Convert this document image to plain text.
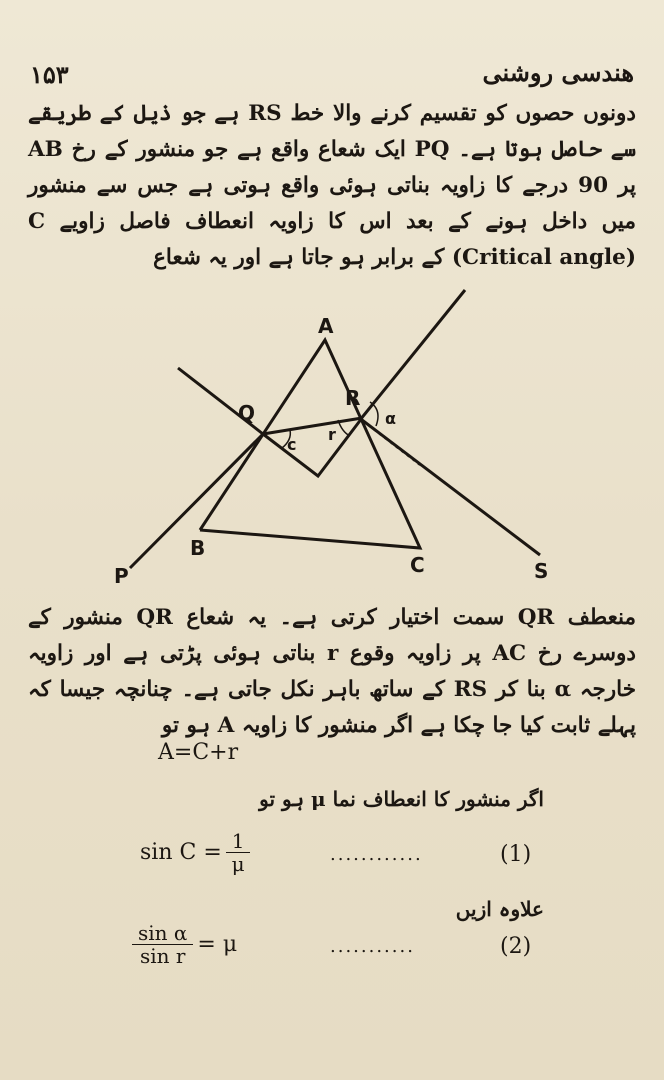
۱۵۳	هندسی روشنی
دونوں حصوں کو تقسیم کرنے والا خط RS ہے جو ذیل کے طریقے سے حاصل ہوتا ہے۔ PQ ایک شعاع واقع ہے جو منشور کے رخ AB پر 90 درجے کا زاویہ بناتی ہوئی واقع ہوتی ہے جس سے منشور میں داخل ہونے کے بعد اس کا زاویہ انعطاف فاصل زاویے C (Critical angle) کے برابر ہو جاتا ہے اور یہ شعاع
A
B
C
P
Q
R
S
c
r
α
منعطف QR سمت اختیار کرتی ہے۔ یہ شعاع QR منشور کے دوسرے رخ AC پر زاویہ وقوع r بناتی ہوئی پڑتی ہے اور زاویہ خارجہ α بنا کر RS کے ساتھ باہر نکل جاتی ہے۔ چنانچہ جیسا کہ پہلے ثابت کیا جا چکا ہے اگر منشور کا زاویہ A ہو تو
A=C+r
اگر منشور کا انعطاف نما μ ہو تو
$\sin C = \frac{1}{\mu}$	............	(1)
علاوہ ازیں
$\frac{\text{sin α}}{\text{sin r}} = \mu$	...........	(2)
